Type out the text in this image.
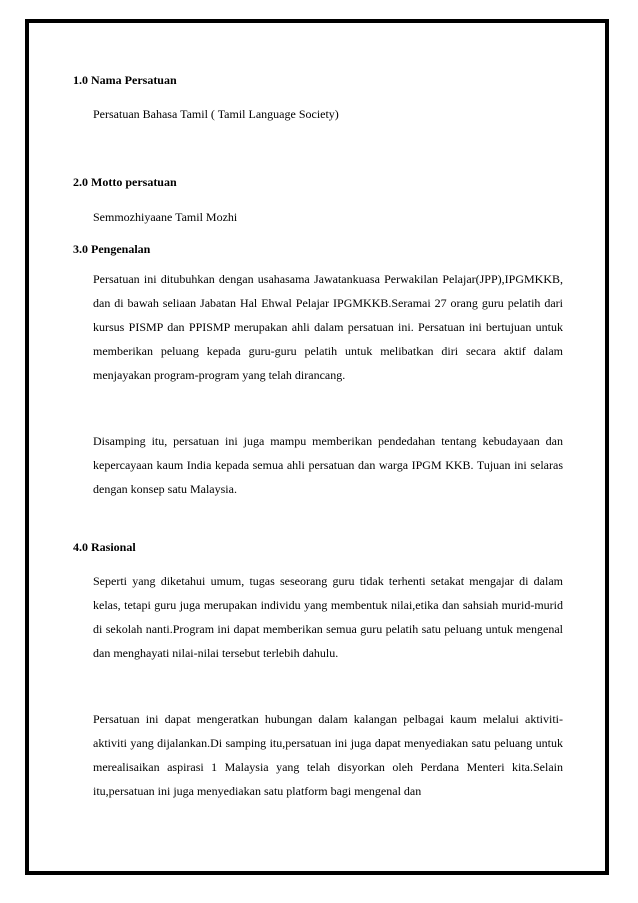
1.0 Nama Persatuan

Persatuan Bahasa Tamil ( Tamil Language Society)

2.0 Motto persatuan

Semmozhiyaane Tamil Mozhi

3.0 Pengenalan

Persatuan ini ditubuhkan dengan usahasama Jawatankuasa Perwakilan Pelajar(JPP),IPGMKKB, dan di bawah seliaan Jabatan Hal Ehwal Pelajar IPGMKKB.Seramai 27 orang guru pelatih dari kursus PISMP dan PPISMP merupakan ahli dalam persatuan ini. Persatuan ini bertujuan untuk memberikan peluang kepada guru-guru pelatih untuk melibatkan diri secara aktif dalam menjayakan program-program yang telah dirancang.

Disamping itu, persatuan ini juga mampu memberikan pendedahan tentang kebudayaan dan kepercayaan kaum India kepada semua ahli persatuan dan warga IPGM KKB. Tujuan ini selaras dengan konsep satu Malaysia.

4.0 Rasional

Seperti yang diketahui umum, tugas seseorang guru tidak terhenti setakat mengajar di dalam kelas, tetapi guru juga merupakan individu yang membentuk nilai,etika dan sahsiah murid-murid di sekolah nanti.Program ini dapat memberikan semua guru pelatih satu peluang untuk mengenal dan menghayati nilai-nilai tersebut terlebih dahulu.

Persatuan ini dapat mengeratkan hubungan dalam kalangan pelbagai kaum melalui aktiviti-aktiviti yang dijalankan.Di samping itu,persatuan ini juga dapat menyediakan satu peluang untuk merealisaikan aspirasi 1 Malaysia yang telah disyorkan oleh Perdana Menteri kita.Selain itu,persatuan ini juga menyediakan satu platform bagi mengenal dan
